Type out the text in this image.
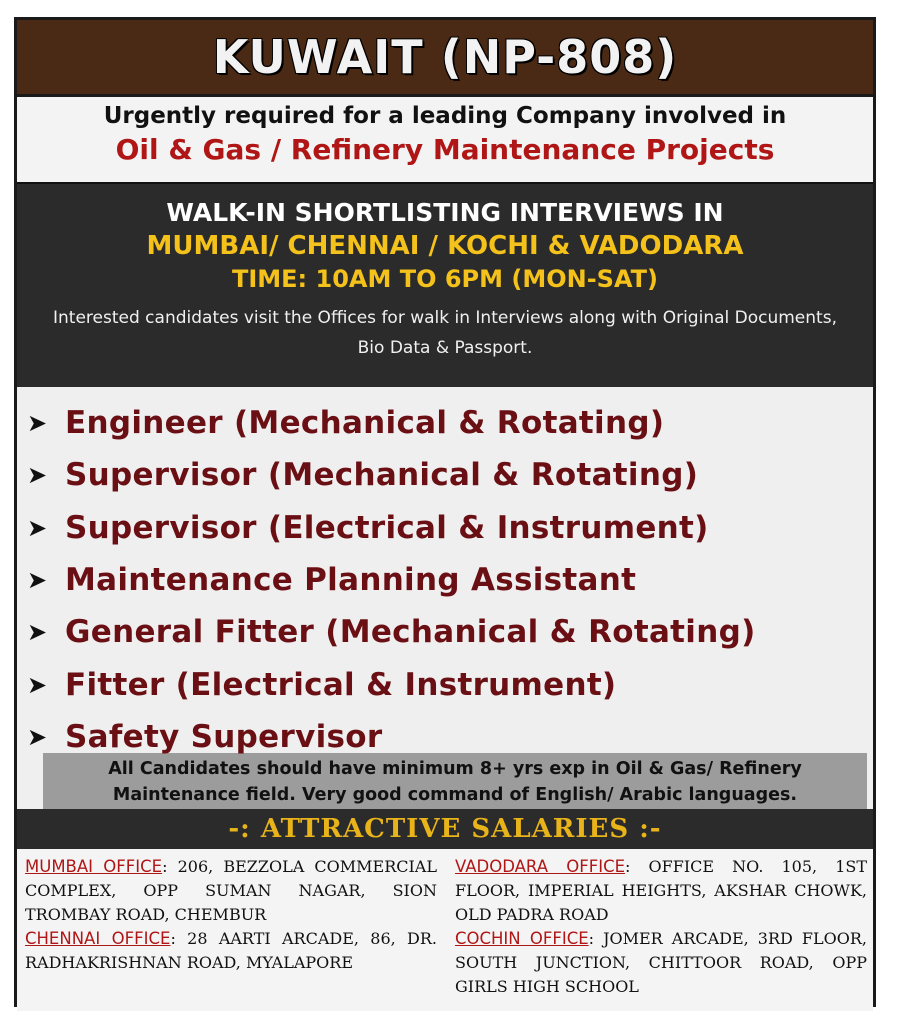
KUWAIT (NP-808)
Urgently required for a leading Company involved in
Oil & Gas / Refinery Maintenance Projects
WALK-IN SHORTLISTING INTERVIEWS IN
MUMBAI/ CHENNAI / KOCHI & VADODARA
TIME: 10AM TO 6PM (MON-SAT)
Interested candidates visit the Offices for walk in Interviews along with Original Documents, Bio Data & Passport.
➤ Engineer (Mechanical & Rotating)
➤ Supervisor (Mechanical & Rotating)
➤ Supervisor (Electrical & Instrument)
➤ Maintenance Planning Assistant
➤ General Fitter (Mechanical & Rotating)
➤ Fitter (Electrical & Instrument)
➤ Safety Supervisor
All Candidates should have minimum 8+ yrs exp in Oil & Gas/ Refinery Maintenance field. Very good command of English/ Arabic languages.
-: ATTRACTIVE SALARIES :-
MUMBAI OFFICE: 206, BEZZOLA COMMERCIAL COMPLEX, OPP SUMAN NAGAR, SION TROMBAY ROAD, CHEMBUR
CHENNAI OFFICE: 28 AARTI ARCADE, 86, DR. RADHAKRISHNAN ROAD, MYALAPORE
VADODARA OFFICE: OFFICE NO. 105, 1ST FLOOR, IMPERIAL HEIGHTS, AKSHAR CHOWK, OLD PADRA ROAD
COCHIN OFFICE: JOMER ARCADE, 3RD FLOOR, SOUTH JUNCTION, CHITTOOR ROAD, OPP GIRLS HIGH SCHOOL
